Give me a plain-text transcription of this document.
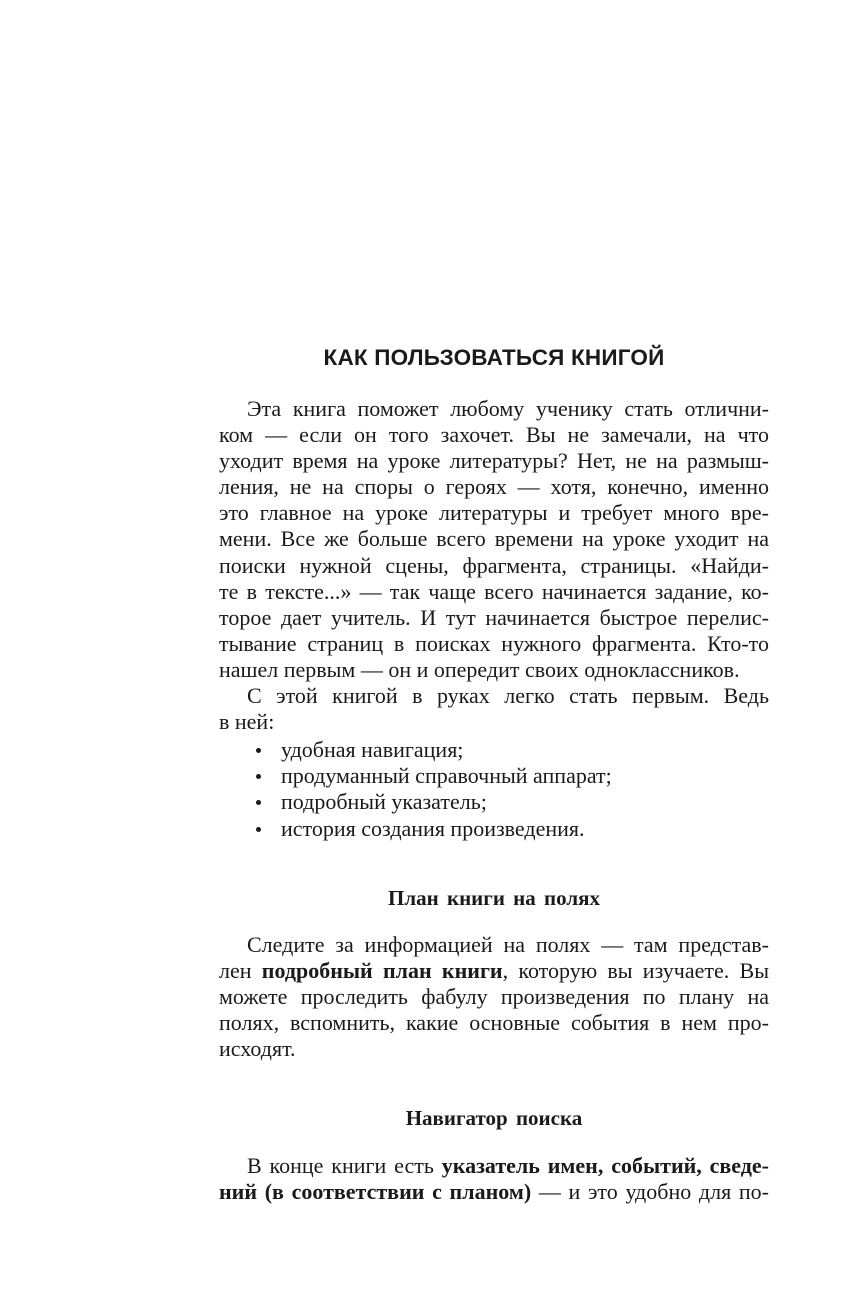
КАК ПОЛЬЗОВАТЬСЯ КНИГОЙ
Эта книга поможет любому ученику стать отлични-
ком — если он того захочет. Вы не замечали, на что
уходит время на уроке литературы? Нет, не на размыш-
ления, не на споры о героях — хотя, конечно, именно
это главное на уроке литературы и требует много вре-
мени. Все же больше всего времени на уроке уходит на
поиски нужной сцены, фрагмента, страницы. «Найди-
те в тексте...» — так чаще всего начинается задание, ко-
торое дает учитель. И тут начинается быстрое перелис-
тывание страниц в поисках нужного фрагмента. Кто-то
нашел первым — он и опередит своих одноклассников.
С этой книгой в руках легко стать первым. Ведь
в ней:
удобная навигация;
продуманный справочный аппарат;
подробный указатель;
история создания произведения.
План книги на полях
Следите за информацией на полях — там представ-
лен подробный план книги, которую вы изучаете. Вы
можете проследить фабулу произведения по плану на
полях, вспомнить, какие основные события в нем про-
исходят.
Навигатор поиска
В конце книги есть указатель имен, событий, сведе-
ний (в соответствии с планом) — и это удобно для по-
